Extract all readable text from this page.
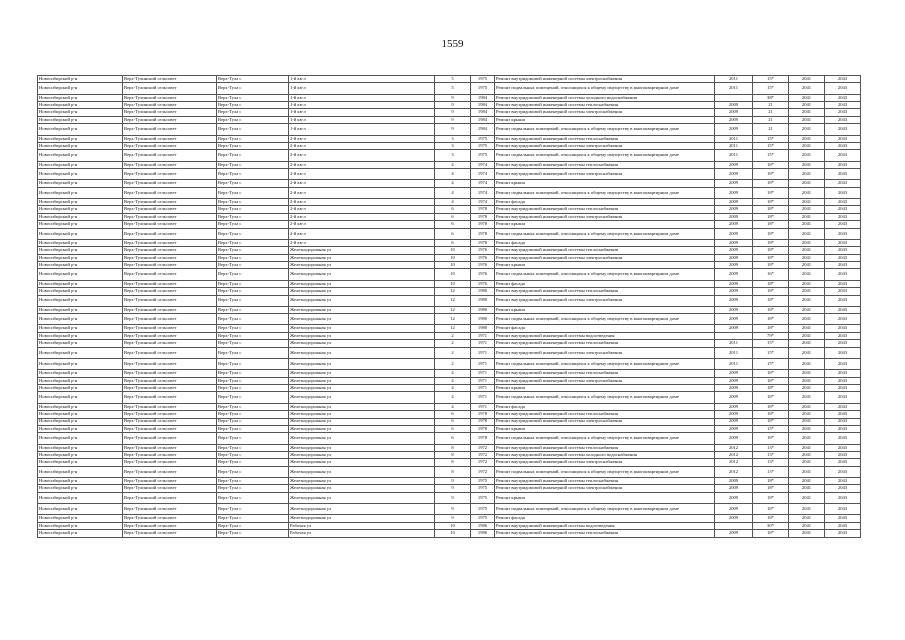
1559
Новосибирский р-н	Верх-Тулинский сельсовет	Верх-Тула с	1-й кв-л	5	1975	Ремонт внутридомовой инженерной системы электроснабжения	2011	15*	2041	2043
Новосибирский р-н	Верх-Тулинский сельсовет	Верх-Тула с	1-й кв-л	5	1975	Ремонт подвальных помещений, относящихся к общему имуществу в многоквартирном доме	2011	15*	2041	2043
Новосибирский р-н	Верх-Тулинский сельсовет	Верх-Тула с	1-й кв-л	9	1984	Ремонт внутридомовой инженерной системы холодного водоснабжения		38*	2041	2043
Новосибирский р-н	Верх-Тулинский сельсовет	Верх-Тула с	1-й кв-л	9	1984	Ремонт внутридомовой инженерной системы теплоснабжения	2009	21	2041	2043
Новосибирский р-н	Верх-Тулинский сельсовет	Верх-Тула с	1-й кв-л	9	1984	Ремонт внутридомовой инженерной системы электроснабжения	2009	21	2041	2043
Новосибирский р-н	Верх-Тулинский сельсовет	Верх-Тула с	1-й кв-л	9	1984	Ремонт крыши	2009	21	2041	2043
Новосибирский р-н	Верх-Тулинский сельсовет	Верх-Тула с	1-й кв-л	9	1984	Ремонт подвальных помещений, относящихся к общему имуществу в многоквартирном доме	2009	21	2041	2043
Новосибирский р-н	Верх-Тулинский сельсовет	Верх-Тула с	2-й кв-л	3	1975	Ремонт внутридомовой инженерной системы теплоснабжения	2011	15*	2041	2043
Новосибирский р-н	Верх-Тулинский сельсовет	Верх-Тула с	2-й кв-л	3	1975	Ремонт внутридомовой инженерной системы электроснабжения	2011	15*	2041	2043
Новосибирский р-н	Верх-Тулинский сельсовет	Верх-Тула с	2-й кв-л	3	1975	Ремонт подвальных помещений, относящихся к общему имуществу в многоквартирном доме	2011	15*	2041	2043
Новосибирский р-н	Верх-Тулинский сельсовет	Верх-Тула с	2-й кв-л	4	1974	Ремонт внутридомовой инженерной системы теплоснабжения	2009	18*	2041	2043
Новосибирский р-н	Верх-Тулинский сельсовет	Верх-Тула с	2-й кв-л	4	1974	Ремонт внутридомовой инженерной системы электроснабжения	2009	18*	2041	2043
Новосибирский р-н	Верх-Тулинский сельсовет	Верх-Тула с	2-й кв-л	4	1974	Ремонт крыши	2009	18*	2041	2043
Новосибирский р-н	Верх-Тулинский сельсовет	Верх-Тула с	2-й кв-л	4	1974	Ремонт подвальных помещений, относящихся к общему имуществу в многоквартирном доме	2009	18*	2041	2043
Новосибирский р-н	Верх-Тулинский сельсовет	Верх-Тула с	2-й кв-л	4	1974	Ремонт фасада	2009	18*	2041	2043
Новосибирский р-н	Верх-Тулинский сельсовет	Верх-Тула с	2-й кв-л	6	1978	Ремонт внутридомовой инженерной системы теплоснабжения	2009	18*	2041	2043
Новосибирский р-н	Верх-Тулинский сельсовет	Верх-Тула с	2-й кв-л	6	1978	Ремонт внутридомовой инженерной системы электроснабжения	2009	18*	2041	2043
Новосибирский р-н	Верх-Тулинский сельсовет	Верх-Тула с	2-й кв-л	6	1978	Ремонт крыши	2009	18*	2041	2043
Новосибирский р-н	Верх-Тулинский сельсовет	Верх-Тула с	2-й кв-л	6	1978	Ремонт подвальных помещений, относящихся к общему имуществу в многоквартирном доме	2009	18*	2041	2043
Новосибирский р-н	Верх-Тулинский сельсовет	Верх-Тула с	2-й кв-л	6	1978	Ремонт фасада	2009	18*	2041	2043
Новосибирский р-н	Верх-Тулинский сельсовет	Верх-Тула с	Железнодорожная ул	10	1976	Ремонт внутридомовой инженерной системы теплоснабжения	2009	18*	2041	2043
Новосибирский р-н	Верх-Тулинский сельсовет	Верх-Тула с	Железнодорожная ул	10	1976	Ремонт внутридомовой инженерной системы электроснабжения	2009	18*	2041	2043
Новосибирский р-н	Верх-Тулинский сельсовет	Верх-Тула с	Железнодорожная ул	10	1976	Ремонт крыши	2009	18*	2041	2043
Новосибирский р-н	Верх-Тулинский сельсовет	Верх-Тула с	Железнодорожная ул	10	1976	Ремонт подвальных помещений, относящихся к общему имуществу в многоквартирном доме	2009	16*	2041	2043
Новосибирский р-н	Верх-Тулинский сельсовет	Верх-Тула с	Железнодорожная ул	10	1976	Ремонт фасада	2009	18*	2041	2043
Новосибирский р-н	Верх-Тулинский сельсовет	Верх-Тула с	Железнодорожная ул	12	1980	Ремонт внутридомовой инженерной системы теплоснабжения	2009	18*	2041	2043
Новосибирский р-н	Верх-Тулинский сельсовет	Верх-Тула с	Железнодорожная ул	12	1980	Ремонт внутридомовой инженерной системы электроснабжения	2009	18*	2041	2043
Новосибирский р-н	Верх-Тулинский сельсовет	Верх-Тула с	Железнодорожная ул	12	1980	Ремонт крыши	2009	18*	2041	2043
Новосибирский р-н	Верх-Тулинский сельсовет	Верх-Тула с	Железнодорожная ул	12	1980	Ремонт подвальных помещений, относящихся к общему имуществу в многоквартирном доме	2009	18*	2041	2043
Новосибирский р-н	Верх-Тулинский сельсовет	Верх-Тула с	Железнодорожная ул	12	1980	Ремонт фасада	2009	18*	2041	2043
Новосибирский р-н	Верх-Тулинский сельсовет	Верх-Тула с	Железнодорожная ул	2	1971	Ремонт внутридомовой инженерной системы водоотведения		79*	2041	2043
Новосибирский р-н	Верх-Тулинский сельсовет	Верх-Тула с	Железнодорожная ул	2	1971	Ремонт внутридомовой инженерной системы теплоснабжения	2011	15*	2041	2043
Новосибирский р-н	Верх-Тулинский сельсовет	Верх-Тула с	Железнодорожная ул	2	1971	Ремонт внутридомовой инженерной системы электроснабжения	2011	15*	2041	2043
Новосибирский р-н	Верх-Тулинский сельсовет	Верх-Тула с	Железнодорожная ул	2	1971	Ремонт подвальных помещений, относящихся к общему имуществу в многоквартирном доме	2011	15*	2041	2043
Новосибирский р-н	Верх-Тулинский сельсовет	Верх-Тула с	Железнодорожная ул	4	1971	Ремонт внутридомовой инженерной системы теплоснабжения	2009	18*	2041	2043
Новосибирский р-н	Верх-Тулинский сельсовет	Верх-Тула с	Железнодорожная ул	4	1971	Ремонт внутридомовой инженерной системы электроснабжения	2009	18*	2041	2043
Новосибирский р-н	Верх-Тулинский сельсовет	Верх-Тула с	Железнодорожная ул	4	1971	Ремонт крыши	2009	18*	2041	2043
Новосибирский р-н	Верх-Тулинский сельсовет	Верх-Тула с	Железнодорожная ул	4	1971	Ремонт подвальных помещений, относящихся к общему имуществу в многоквартирном доме	2009	18*	2041	2043
Новосибирский р-н	Верх-Тулинский сельсовет	Верх-Тула с	Железнодорожная ул	4	1971	Ремонт фасада	2009	18*	2041	2043
Новосибирский р-н	Верх-Тулинский сельсовет	Верх-Тула с	Железнодорожная ул	6	1978	Ремонт внутридомовой инженерной системы теплоснабжения	2009	18*	2041	2043
Новосибирский р-н	Верх-Тулинский сельсовет	Верх-Тула с	Железнодорожная ул	6	1978	Ремонт внутридомовой инженерной системы электроснабжения	2009	18*	2041	2043
Новосибирский р-н	Верх-Тулинский сельсовет	Верх-Тула с	Железнодорожная ул	6	1978	Ремонт крыши	2009	15*	2041	2043
Новосибирский р-н	Верх-Тулинский сельсовет	Верх-Тула с	Железнодорожная ул	6	1978	Ремонт подвальных помещений, относящихся к общему имуществу в многоквартирном доме	2009	18*	2041	2043
Новосибирский р-н	Верх-Тулинский сельсовет	Верх-Тула с	Железнодорожная ул	8	1972	Ремонт внутридомовой инженерной системы теплоснабжения	2012	13*	2041	2043
Новосибирский р-н	Верх-Тулинский сельсовет	Верх-Тула с	Железнодорожная ул	8	1972	Ремонт внутридомовой инженерной системы холодного водоснабжения	2012	13*	2041	2043
Новосибирский р-н	Верх-Тулинский сельсовет	Верх-Тула с	Железнодорожная ул	8	1972	Ремонт внутридомовой инженерной системы электроснабжения	2012	13*	2041	2043
Новосибирский р-н	Верх-Тулинский сельсовет	Верх-Тула с	Железнодорожная ул	8	1972	Ремонт подвальных помещений, относящихся к общему имуществу в многоквартирном доме	2012	13*	2041	2043
Новосибирский р-н	Верх-Тулинский сельсовет	Верх-Тула с	Железнодорожная ул	9	1975	Ремонт внутридомовой инженерной системы теплоснабжения	2009	18*	2041	2043
Новосибирский р-н	Верх-Тулинский сельсовет	Верх-Тула с	Железнодорожная ул	9	1975	Ремонт внутридомовой инженерной системы электроснабжения	2009	18*	2041	2043
Новосибирский р-н	Верх-Тулинский сельсовет	Верх-Тула с	Железнодорожная ул	9	1975	Ремонт крыши	2009	18*	2041	2043
Новосибирский р-н	Верх-Тулинский сельсовет	Верх-Тула с	Железнодорожная ул	9	1975	Ремонт подвальных помещений, относящихся к общему имуществу в многоквартирном доме	2009	18*	2041	2043
Новосибирский р-н	Верх-Тулинский сельсовет	Верх-Тула с	Железнодорожная ул	9	1975	Ремонт фасада	2009	18*	2041	2043
Новосибирский р-н	Верх-Тулинский сельсовет	Верх-Тула с	Рабочая ул	10	1986	Ремонт внутридомовой инженерной системы водоотведения		30*	2041	2043
Новосибирский р-н	Верх-Тулинский сельсовет	Верх-Тула с	Рабочая ул	10	1986	Ремонт внутридомовой инженерной системы теплоснабжения	2009	18*	2041	2043
